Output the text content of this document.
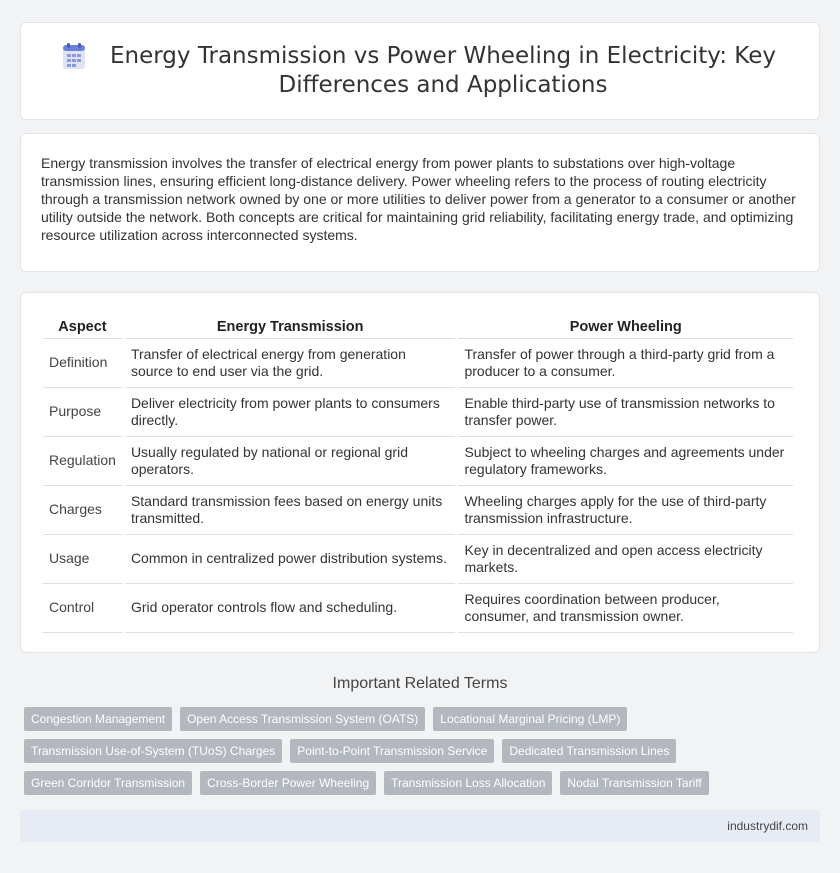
Energy Transmission vs Power Wheeling in Electricity: Key Differences and Applications

Energy transmission involves the transfer of electrical energy from power plants to substations over high-voltage transmission lines, ensuring efficient long-distance delivery. Power wheeling refers to the process of routing electricity through a transmission network owned by one or more utilities to deliver power from a generator to a consumer or another utility outside the network. Both concepts are critical for maintaining grid reliability, facilitating energy trade, and optimizing resource utilization across interconnected systems.

Aspect	Energy Transmission	Power Wheeling
Definition	Transfer of electrical energy from generation source to end user via the grid.	Transfer of power through a third-party grid from a producer to a consumer.
Purpose	Deliver electricity from power plants to consumers directly.	Enable third-party use of transmission networks to transfer power.
Regulation	Usually regulated by national or regional grid operators.	Subject to wheeling charges and agreements under regulatory frameworks.
Charges	Standard transmission fees based on energy units transmitted.	Wheeling charges apply for the use of third-party transmission infrastructure.
Usage	Common in centralized power distribution systems.	Key in decentralized and open access electricity markets.
Control	Grid operator controls flow and scheduling.	Requires coordination between producer, consumer, and transmission owner.
Important Related Terms
Congestion Management	Open Access Transmission System (OATS)	Locational Marginal Pricing (LMP)
Transmission Use-of-System (TUoS) Charges	Point-to-Point Transmission Service	Dedicated Transmission Lines
Green Corridor Transmission	Cross-Border Power Wheeling	Transmission Loss Allocation	Nodal Transmission Tariff
industrydif.com
